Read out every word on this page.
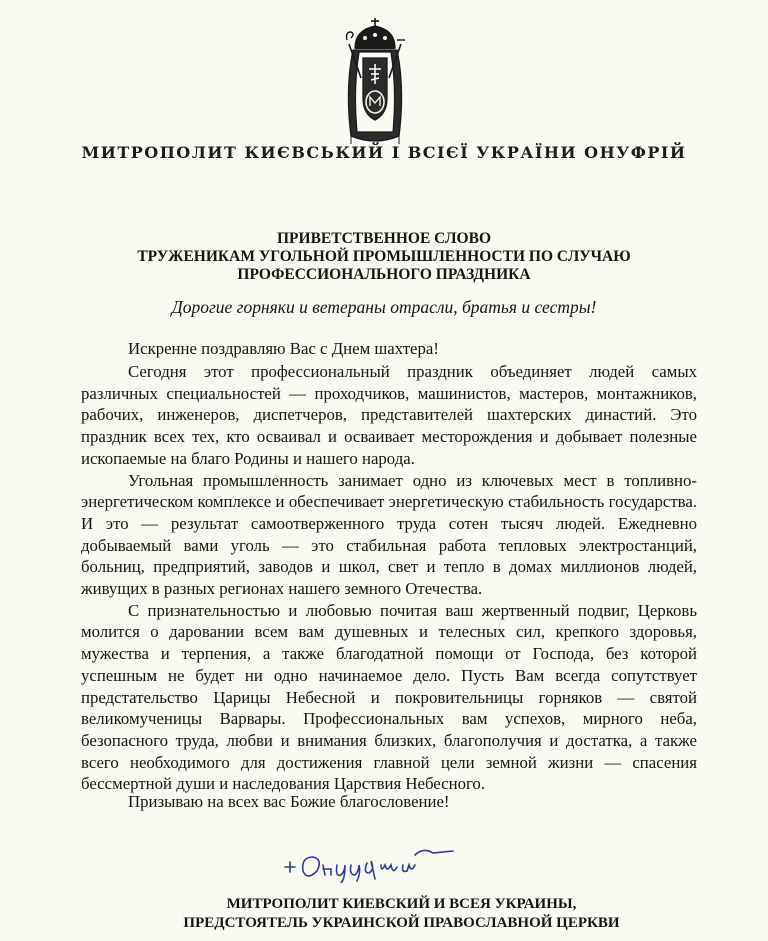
МИТРОПОЛИТ КИЄВСЬКИЙ І ВСІЄЇ УКРАЇНИ ОНУФРІЙ
ПРИВЕТСТВЕННОЕ СЛОВО
ТРУЖЕНИКАМ УГОЛЬНОЙ ПРОМЫШЛЕННОСТИ ПО СЛУЧАЮ
ПРОФЕССИОНАЛЬНОГО ПРАЗДНИКА
Дорогие горняки и ветераны отрасли, братья и сестры!
Искренне поздравляю Вас с Днем шахтера!

Сегодня этот профессиональный праздник объединяет людей самых различных специальностей — проходчиков, машинистов, мастеров, монтажников, рабочих, инженеров, диспетчеров, представителей шахтерских династий. Это праздник всех тех, кто осваивал и осваивает месторождения и добывает полезные ископаемые на благо Родины и нашего народа.

Угольная промышленность занимает одно из ключевых мест в топливно-энергетическом комплексе и обеспечивает энергетическую стабильность государства. И это — результат самоотверженного труда сотен тысяч людей. Ежедневно добываемый вами уголь — это стабильная работа тепловых электростанций, больниц, предприятий, заводов и школ, свет и тепло в домах миллионов людей, живущих в разных регионах нашего земного Отечества.

С признательностью и любовью почитая ваш жертвенный подвиг, Церковь молится о даровании всем вам душевных и телесных сил, крепкого здоровья, мужества и терпения, а также благодатной помощи от Господа, без которой успешным не будет ни одно начинаемое дело. Пусть Вам всегда сопутствует предстательство Царицы Небесной и покровительницы горняков — святой великомученицы Варвары. Профессиональных вам успехов, мирного неба, безопасного труда, любви и внимания близких, благополучия и достатка, а также всего необходимого для достижения главной цели земной жизни — спасения бессмертной души и наследования Царствия Небесного.

Призываю на всех вас Божие благословение!
МИТРОПОЛИТ КИЕВСКИЙ И ВСЕЯ УКРАИНЫ,
ПРЕДСТОЯТЕЛЬ УКРАИНСКОЙ ПРАВОСЛАВНОЙ ЦЕРКВИ
